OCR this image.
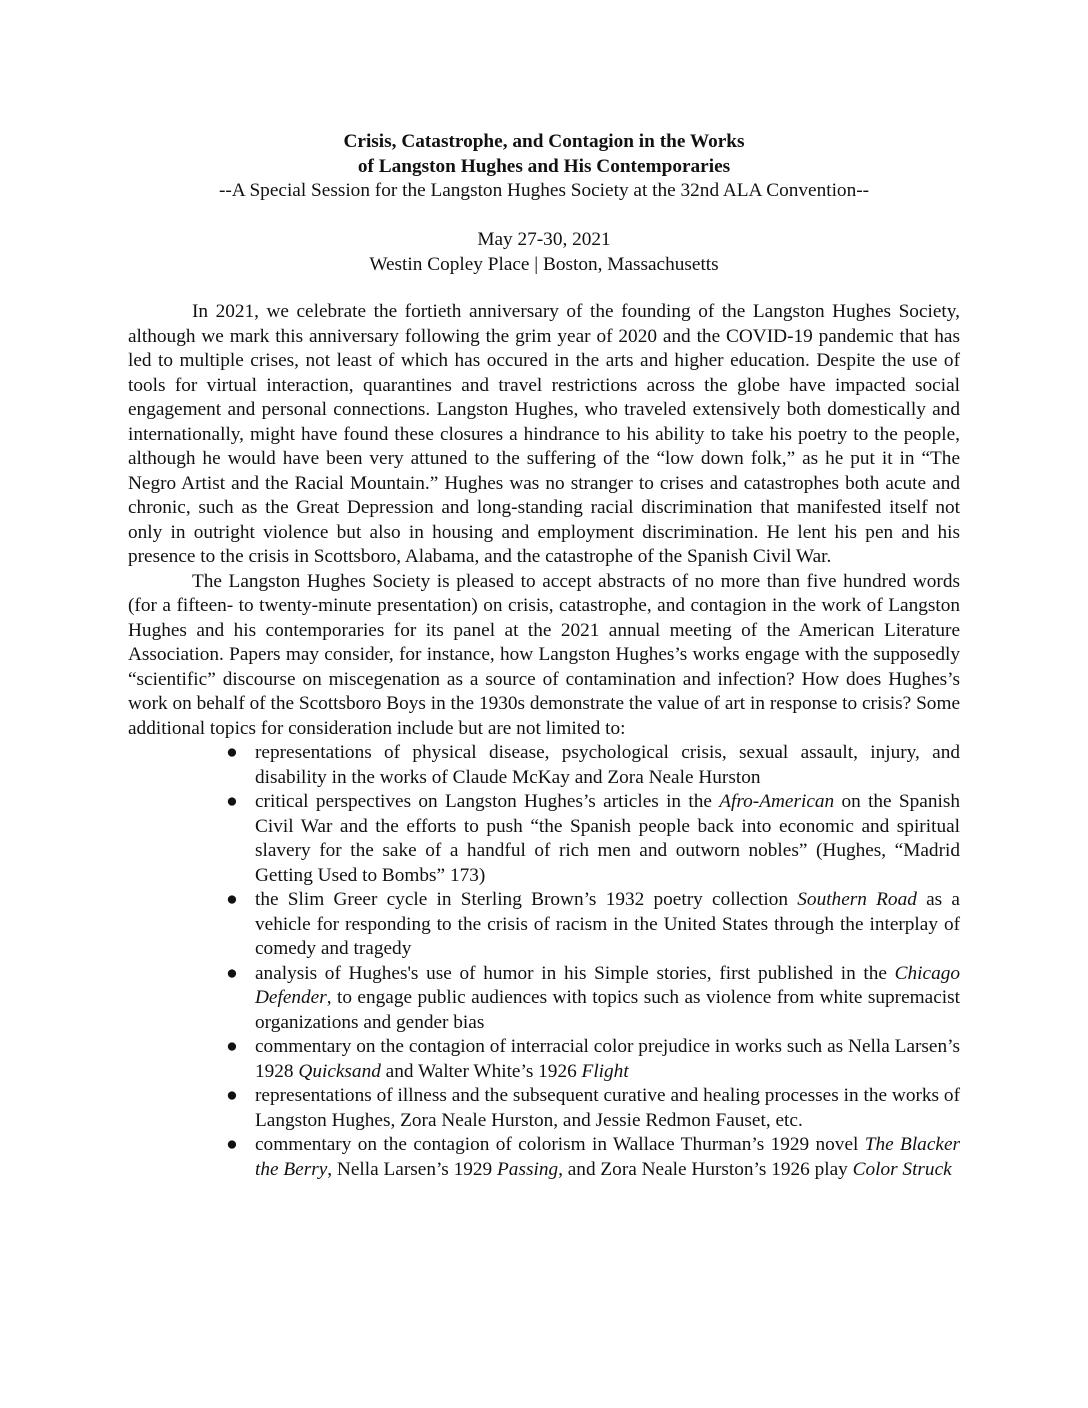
Crisis, Catastrophe, and Contagion in the Works
of Langston Hughes and His Contemporaries
--A Special Session for the Langston Hughes Society at the 32nd ALA Convention--
May 27-30, 2021
Westin Copley Place | Boston, Massachusetts

In 2021, we celebrate the fortieth anniversary of the founding of the Langston Hughes Society, although we mark this anniversary following the grim year of 2020 and the COVID-19 pandemic that has led to multiple crises, not least of which has occured in the arts and higher education. Despite the use of tools for virtual interaction, quarantines and travel restrictions across the globe have impacted social engagement and personal connections. Langston Hughes, who traveled extensively both domestically and internationally, might have found these closures a hindrance to his ability to take his poetry to the people, although he would have been very attuned to the suffering of the “low down folk,” as he put it in “The Negro Artist and the Racial Mountain.” Hughes was no stranger to crises and catastrophes both acute and chronic, such as the Great Depression and long-standing racial discrimination that manifested itself not only in outright violence but also in housing and employment discrimination. He lent his pen and his presence to the crisis in Scottsboro, Alabama, and the catastrophe of the Spanish Civil War.

The Langston Hughes Society is pleased to accept abstracts of no more than five hundred words (for a fifteen- to twenty-minute presentation) on crisis, catastrophe, and contagion in the work of Langston Hughes and his contemporaries for its panel at the 2021 annual meeting of the American Literature Association. Papers may consider, for instance, how Langston Hughes’s works engage with the supposedly “scientific” discourse on miscegenation as a source of contamination and infection? How does Hughes’s work on behalf of the Scottsboro Boys in the 1930s demonstrate the value of art in response to crisis? Some additional topics for consideration include but are not limited to:

● representations of physical disease, psychological crisis, sexual assault, injury, and disability in the works of Claude McKay and Zora Neale Hurston
● critical perspectives on Langston Hughes’s articles in the Afro-American on the Spanish Civil War and the efforts to push “the Spanish people back into economic and spiritual slavery for the sake of a handful of rich men and outworn nobles” (Hughes, “Madrid Getting Used to Bombs” 173)
● the Slim Greer cycle in Sterling Brown’s 1932 poetry collection Southern Road as a vehicle for responding to the crisis of racism in the United States through the interplay of comedy and tragedy
● analysis of Hughes's use of humor in his Simple stories, first published in the Chicago Defender, to engage public audiences with topics such as violence from white supremacist organizations and gender bias
● commentary on the contagion of interracial color prejudice in works such as Nella Larsen’s 1928 Quicksand and Walter White’s 1926 Flight
● representations of illness and the subsequent curative and healing processes in the works of Langston Hughes, Zora Neale Hurston, and Jessie Redmon Fauset, etc.
● commentary on the contagion of colorism in Wallace Thurman’s 1929 novel The Blacker the Berry, Nella Larsen’s 1929 Passing, and Zora Neale Hurston’s 1926 play Color Struck
